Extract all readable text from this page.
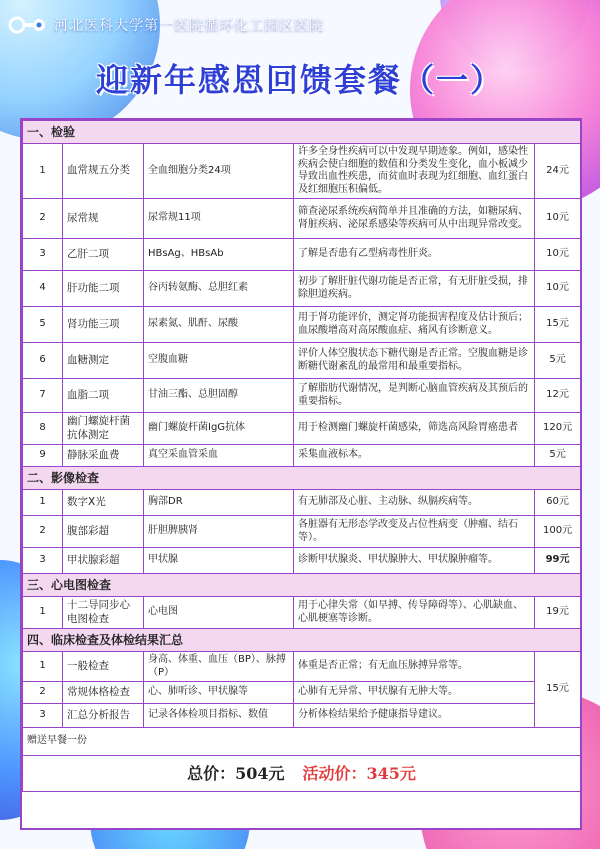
河北医科大学第一医院循环化工园区医院
迎新年感恩回馈套餐（一）
一、检验				
1	血常规五分类	全血细胞分类24项	许多全身性疾病可以中发现早期迹象。例如，感染性疾病会使白细胞的数值和分类发生变化，血小板减少导致出血性疾患，而贫血时表现为红细胞、血红蛋白及红细胞压积偏低。	24元
2	尿常规	尿常规11项	筛查泌尿系统疾病简单并且准确的方法，如糖尿病、肾脏疾病、泌尿系感染等疾病可从中出现异常改变。	10元
3	乙肝二项	HBsAg、HBsAb	了解是否患有乙型病毒性肝炎。	10元
4	肝功能二项	谷丙转氨酶、总胆红素	初步了解肝脏代谢功能是否正常，有无肝脏受损，排除胆道疾病。	10元
5	肾功能三项	尿素氮、肌酐、尿酸	用于肾功能评价，测定肾功能损害程度及估计预后；血尿酸增高对高尿酸血症、痛风有诊断意义。	15元
6	血糖测定	空腹血糖	评价人体空腹状态下糖代谢是否正常。空腹血糖是诊断糖代谢紊乱的最常用和最重要指标。	5元
7	血脂二项	甘油三酯、总胆固醇	了解脂肪代谢情况，是判断心脑血管疾病及其预后的重要指标。	12元
8	幽门螺旋杆菌抗体测定	幽门螺旋杆菌IgG抗体	用于检测幽门螺旋杆菌感染，筛选高风险胃癌患者	120元
9	静脉采血费	真空采血管采血	采集血液标本。	5元
二、影像检查				
1	数字X光	胸部DR	有无肺部及心脏、主动脉、纵膈疾病等。	60元
2	腹部彩超	肝胆脾胰肾	各脏器有无形态学改变及占位性病变（肿瘤、结石等）。	100元
3	甲状腺彩超	甲状腺	诊断甲状腺炎、甲状腺肿大、甲状腺肿瘤等。	99元
三、心电图检查				
1	十二导同步心电图检查	心电图	用于心律失常（如早搏、传导障碍等）、心肌缺血、心肌梗塞等诊断。	19元
四、临床检查及体检结果汇总				
1	一般检查	身高、体重、血压（BP）、脉搏（P）	体重是否正常；有无血压脉搏异常等。	15元
2	常规体格检查	心、肺听诊、甲状腺等	心肺有无异常、甲状腺有无肿大等。	
3	汇总分析报告	记录各体检项目指标、数值	分析体检结果给予健康指导建议。	
赠送早餐一份				
总价：504元 活动价：345元				
